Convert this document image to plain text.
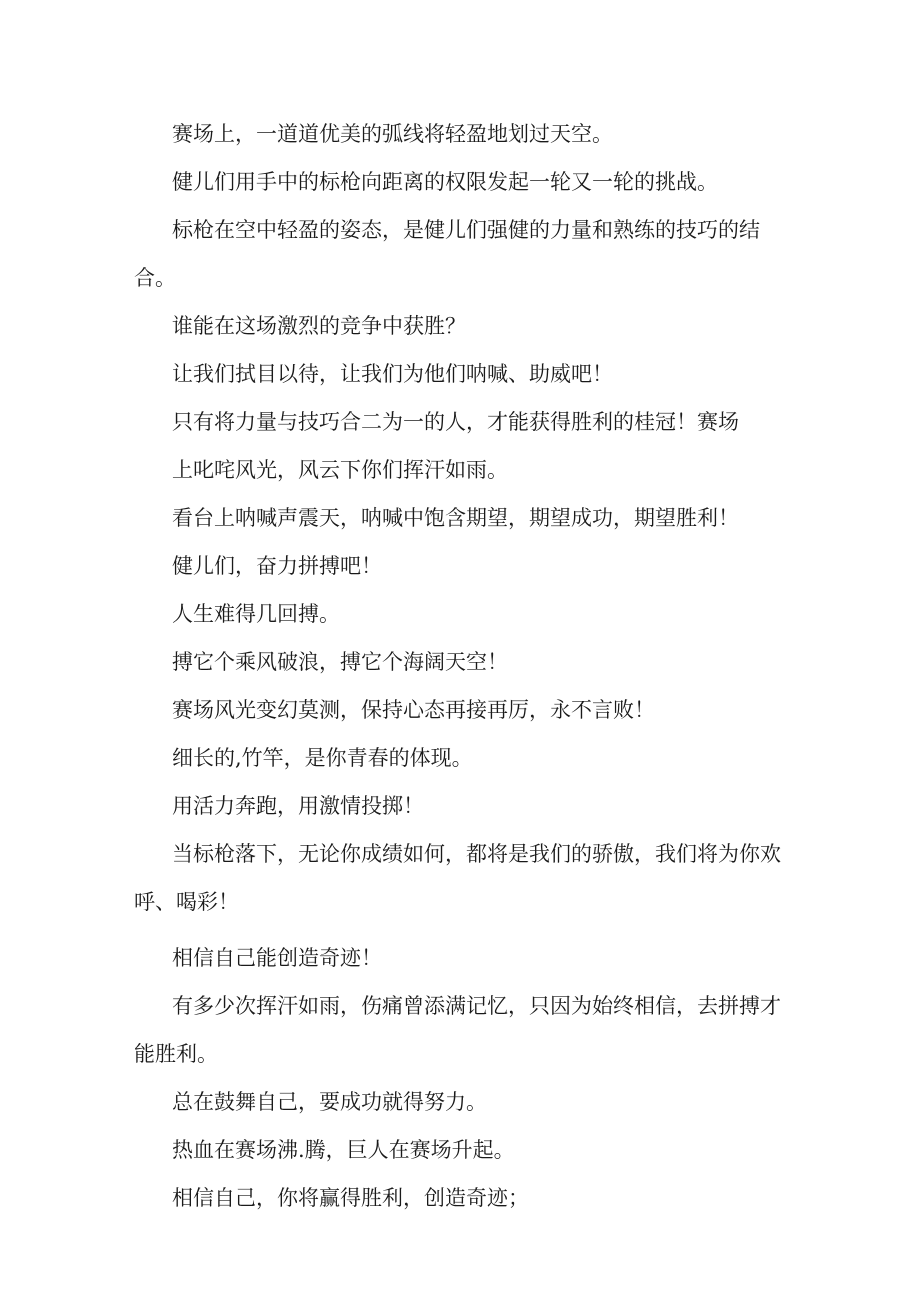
赛场上，一道道优美的弧线将轻盈地划过天空。

健儿们用手中的标枪向距离的权限发起一轮又一轮的挑战。

标枪在空中轻盈的姿态，是健儿们强健的力量和熟练的技巧的结合。

谁能在这场激烈的竞争中获胜？

让我们拭目以待，让我们为他们呐喊、助威吧！

只有将力量与技巧合二为一的人，才能获得胜利的桂冠！赛场

上叱咤风光，风云下你们挥汗如雨。

看台上呐喊声震天，呐喊中饱含期望，期望成功，期望胜利！

健儿们，奋力拼搏吧！

人生难得几回搏。

搏它个乘风破浪，搏它个海阔天空！

赛场风光变幻莫测，保持心态再接再厉，永不言败！

细长的,竹竿，是你青春的体现。

用活力奔跑，用激情投掷！

当标枪落下，无论你成绩如何，都将是我们的骄傲，我们将为你欢呼、喝彩！

相信自己能创造奇迹！

有多少次挥汗如雨，伤痛曾添满记忆，只因为始终相信，去拼搏才能胜利。

总在鼓舞自己，要成功就得努力。

热血在赛场沸.腾，巨人在赛场升起。

相信自己，你将赢得胜利，创造奇迹；
